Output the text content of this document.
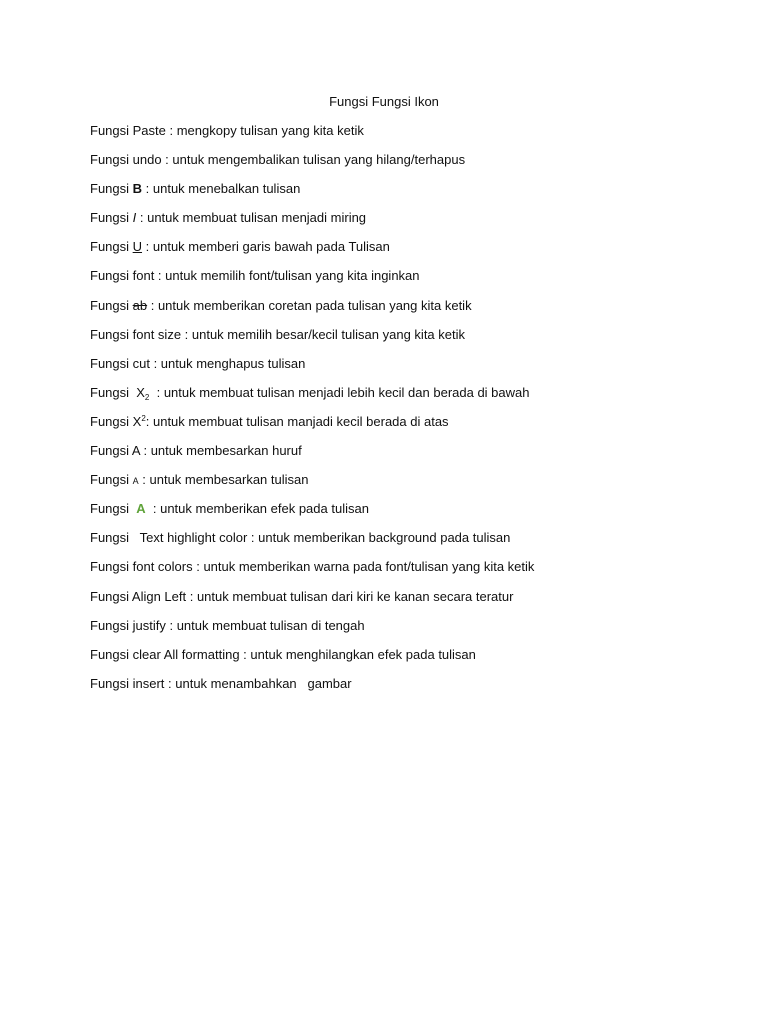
Fungsi Fungsi Ikon
Fungsi Paste : mengkopy tulisan yang kita ketik
Fungsi undo : untuk mengembalikan tulisan yang hilang/terhapus
Fungsi B : untuk menebalkan tulisan
Fungsi I : untuk membuat tulisan menjadi miring
Fungsi U : untuk memberi garis bawah pada Tulisan
Fungsi font : untuk memilih font/tulisan yang kita inginkan
Fungsi ab : untuk memberikan coretan pada tulisan yang kita ketik
Fungsi font size : untuk memilih besar/kecil tulisan yang kita ketik
Fungsi cut : untuk menghapus tulisan
Fungsi  $X_2$  : untuk membuat tulisan menjadi lebih kecil dan berada di bawah
Fungsi $X^2$: untuk membuat tulisan manjadi kecil berada di atas
Fungsi A : untuk membesarkan huruf
Fungsi A : untuk membesarkan tulisan
Fungsi  A  : untuk memberikan efek pada tulisan
Fungsi   Text highlight color : untuk memberikan background pada tulisan
Fungsi font colors : untuk memberikan warna pada font/tulisan yang kita ketik
Fungsi Align Left : untuk membuat tulisan dari kiri ke kanan secara teratur
Fungsi justify : untuk membuat tulisan di tengah
Fungsi clear All formatting : untuk menghilangkan efek pada tulisan
Fungsi insert : untuk menambahkan   gambar
